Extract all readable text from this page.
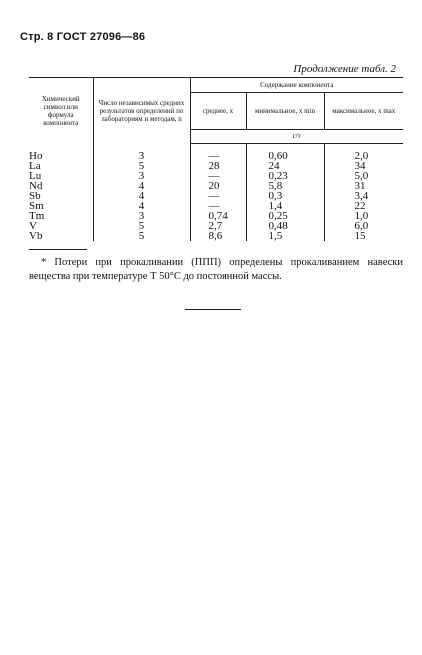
Стр. 8 ГОСТ 27096—86
Продолжение табл. 2
Химический символ или формула компонента	Число независимых средних результатов определений по лабораториям и методам, n	Содержание компонента		
		среднее, x	минимальное, x min	максимальное, x max
		г/т		
Ho	3	—	0,60	2,0
La	5	28	24	34
Lu	3	—	0,23	5,0
Nd	4	20	5,8	31
Sb	4	—	0,3	3,4
Sm	4	—	1,4	22
Tm	3	0,74	0,25	1,0
V	5	2,7	0,48	6,0
Vb	5	8,6	1,5	15
* Потери при прокаливании (ППП) определены прокаливанием навески вещества при температуре Т 50°С до постоянной массы.
